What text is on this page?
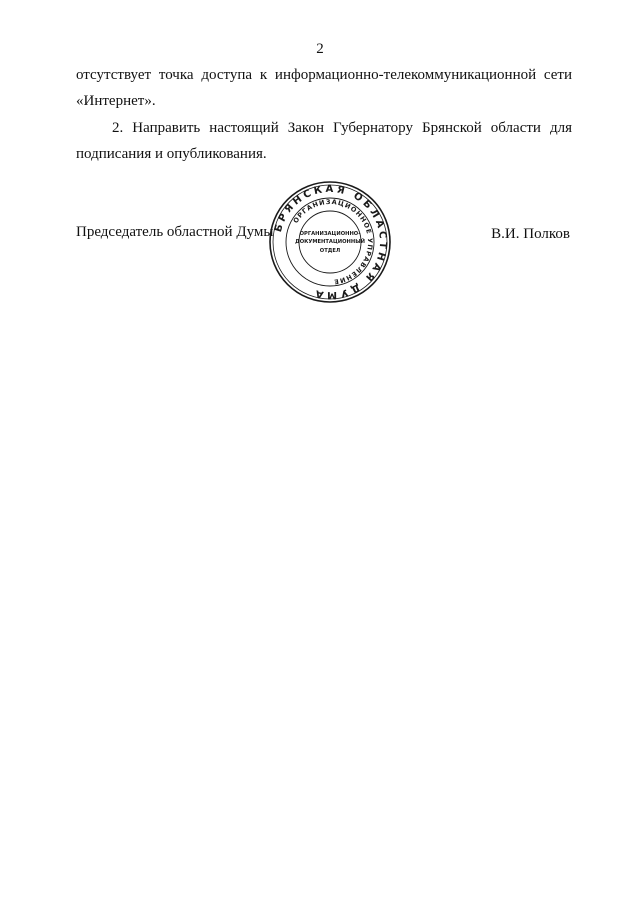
2
отсутствует точка доступа к информационно-телекоммуникационной сети «Интернет».
2. Направить настоящий Закон Губернатору Брянской области для подписания и опубликования.
Председатель областной Думы БРЯНСКАЯ ОБЛАСТНАЯ ДУМА
ОРГАНИЗАЦИОННОЕ УПРАВЛЕНИЕ
ОРГАНИЗАЦИОННО-
ДОКУМЕНТАЦИОННЫЙ
ОТДЕЛ
В.И. Полков
